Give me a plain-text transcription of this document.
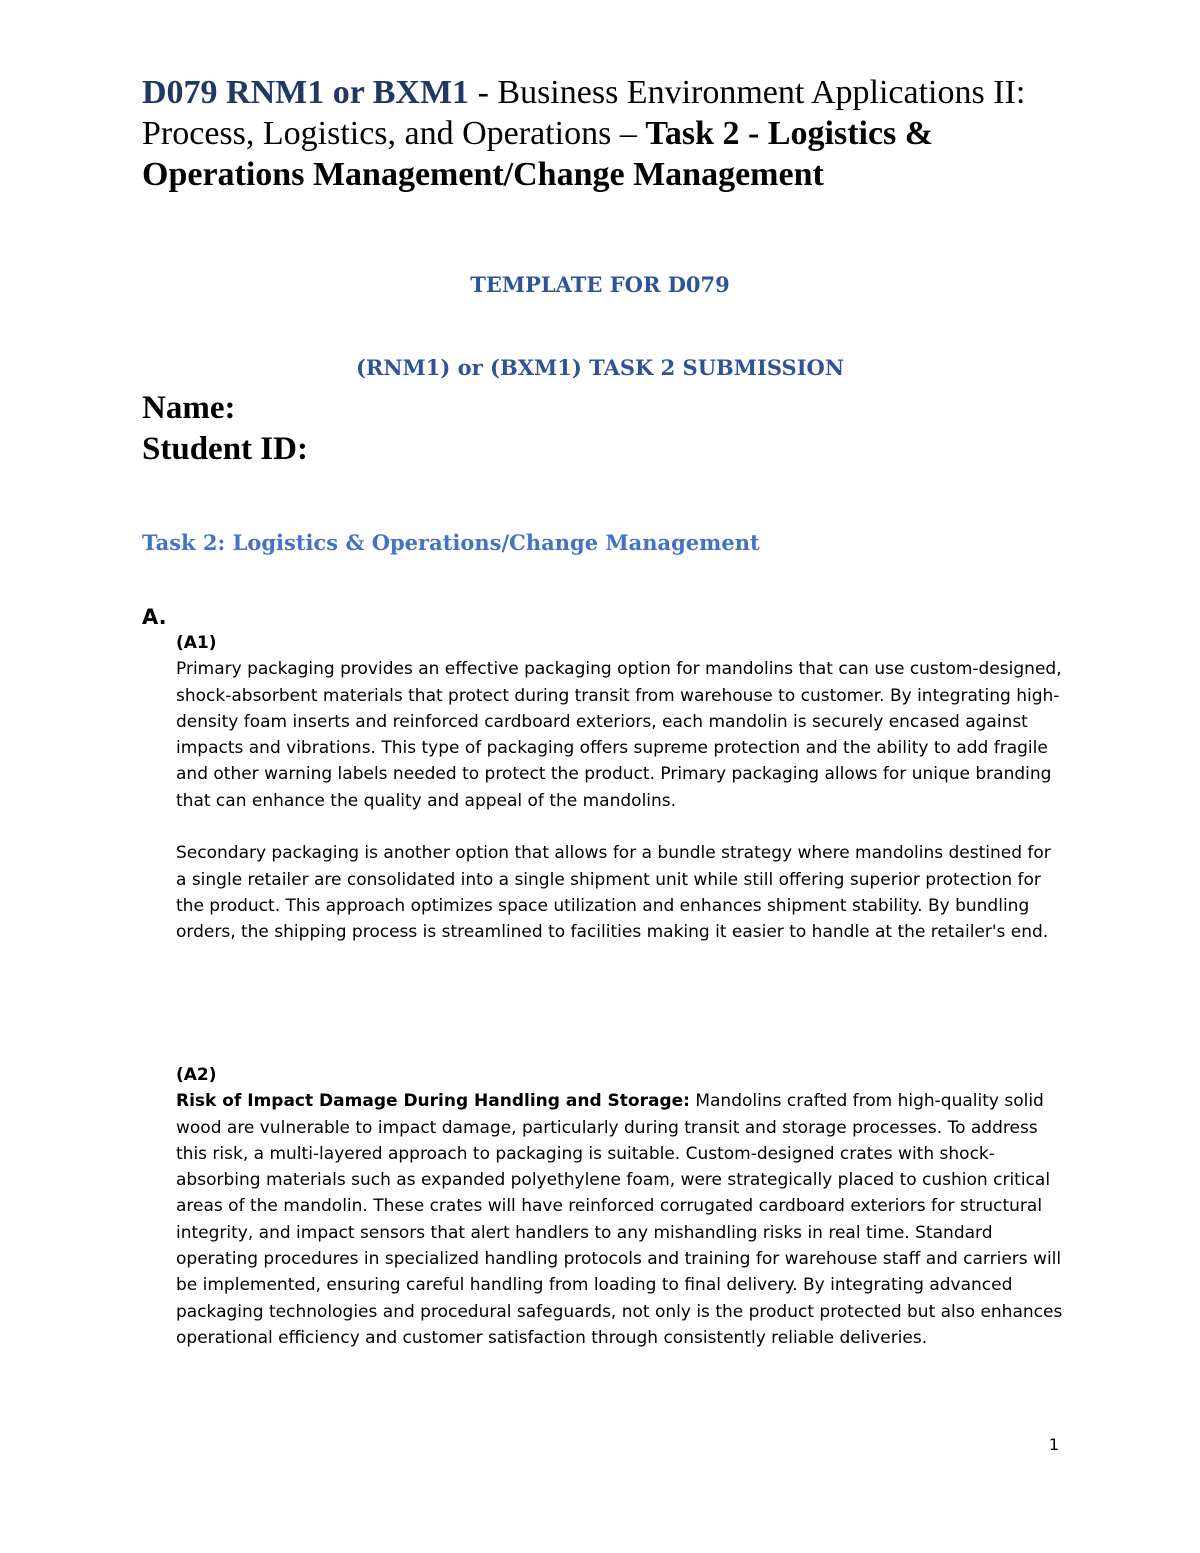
D079 RNM1 or BXM1 - Business Environment Applications II: Process, Logistics, and Operations – Task 2 - Logistics & Operations Management/Change Management
TEMPLATE FOR D079
(RNM1) or (BXM1) TASK 2 SUBMISSION
Name:
Student ID:
Task 2: Logistics & Operations/Change Management
A.
(A1)

Primary packaging provides an effective packaging option for mandolins that can use custom-designed, shock-absorbent materials that protect during transit from warehouse to customer. By integrating high-density foam inserts and reinforced cardboard exteriors, each mandolin is securely encased against impacts and vibrations. This type of packaging offers supreme protection and the ability to add fragile and other warning labels needed to protect the product. Primary packaging allows for unique branding that can enhance the quality and appeal of the mandolins.

Secondary packaging is another option that allows for a bundle strategy where mandolins destined for a single retailer are consolidated into a single shipment unit while still offering superior protection for the product. This approach optimizes space utilization and enhances shipment stability. By bundling orders, the shipping process is streamlined to facilities making it easier to handle at the retailer's end.

(A2)

Risk of Impact Damage During Handling and Storage: Mandolins crafted from high-quality solid wood are vulnerable to impact damage, particularly during transit and storage processes. To address this risk, a multi-layered approach to packaging is suitable. Custom-designed crates with shock-absorbing materials such as expanded polyethylene foam, were strategically placed to cushion critical areas of the mandolin. These crates will have reinforced corrugated cardboard exteriors for structural integrity, and impact sensors that alert handlers to any mishandling risks in real time. Standard operating procedures in specialized handling protocols and training for warehouse staff and carriers will be implemented, ensuring careful handling from loading to final delivery. By integrating advanced packaging technologies and procedural safeguards, not only is the product protected but also enhances operational efficiency and customer satisfaction through consistently reliable deliveries.

1
